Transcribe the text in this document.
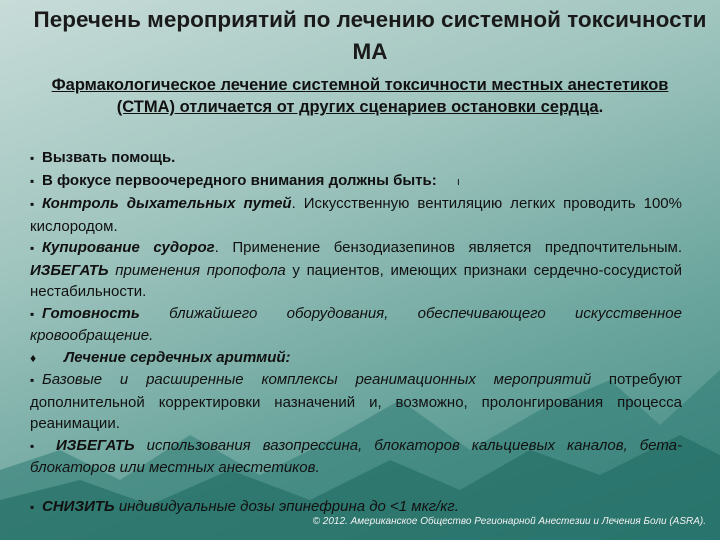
Перечень мероприятий по лечению системной токсичности МА
Фармакологическое лечение системной токсичности местных анестетиков (СТМА) отличается от других сценариев остановки сердца.

▪ Вызвать помощь.

▪ В фокусе первоочередного внимания должны быть: ı

▪ Контроль дыхательных путей. Искусственную вентиляцию легких проводить 100% кислородом.

▪ Купирование судорог. Применение бензодиазепинов является предпочтительным. ИЗБЕГАТЬ применения пропофола у пациентов, имеющих признаки сердечно-сосудистой нестабильности.

▪ Готовность ближайшего оборудования, обеспечивающего искусственное кровообращение.

♦ Лечение сердечных аритмий:

▪ Базовые и расширенные комплексы реанимационных мероприятий потребуют дополнительной корректировки назначений и, возможно, пролонгирования процесса реанимации.

▪ ИЗБЕГАТЬ использования вазопрессина, блокаторов кальциевых каналов, бета-блокаторов или местных анестетиков.

▪ СНИЗИТЬ индивидуальные дозы эпинефрина до <1 мкг/кг.

© 2012. Американское Общество Регионарной Анестезии и Лечения Боли (ASRA).
